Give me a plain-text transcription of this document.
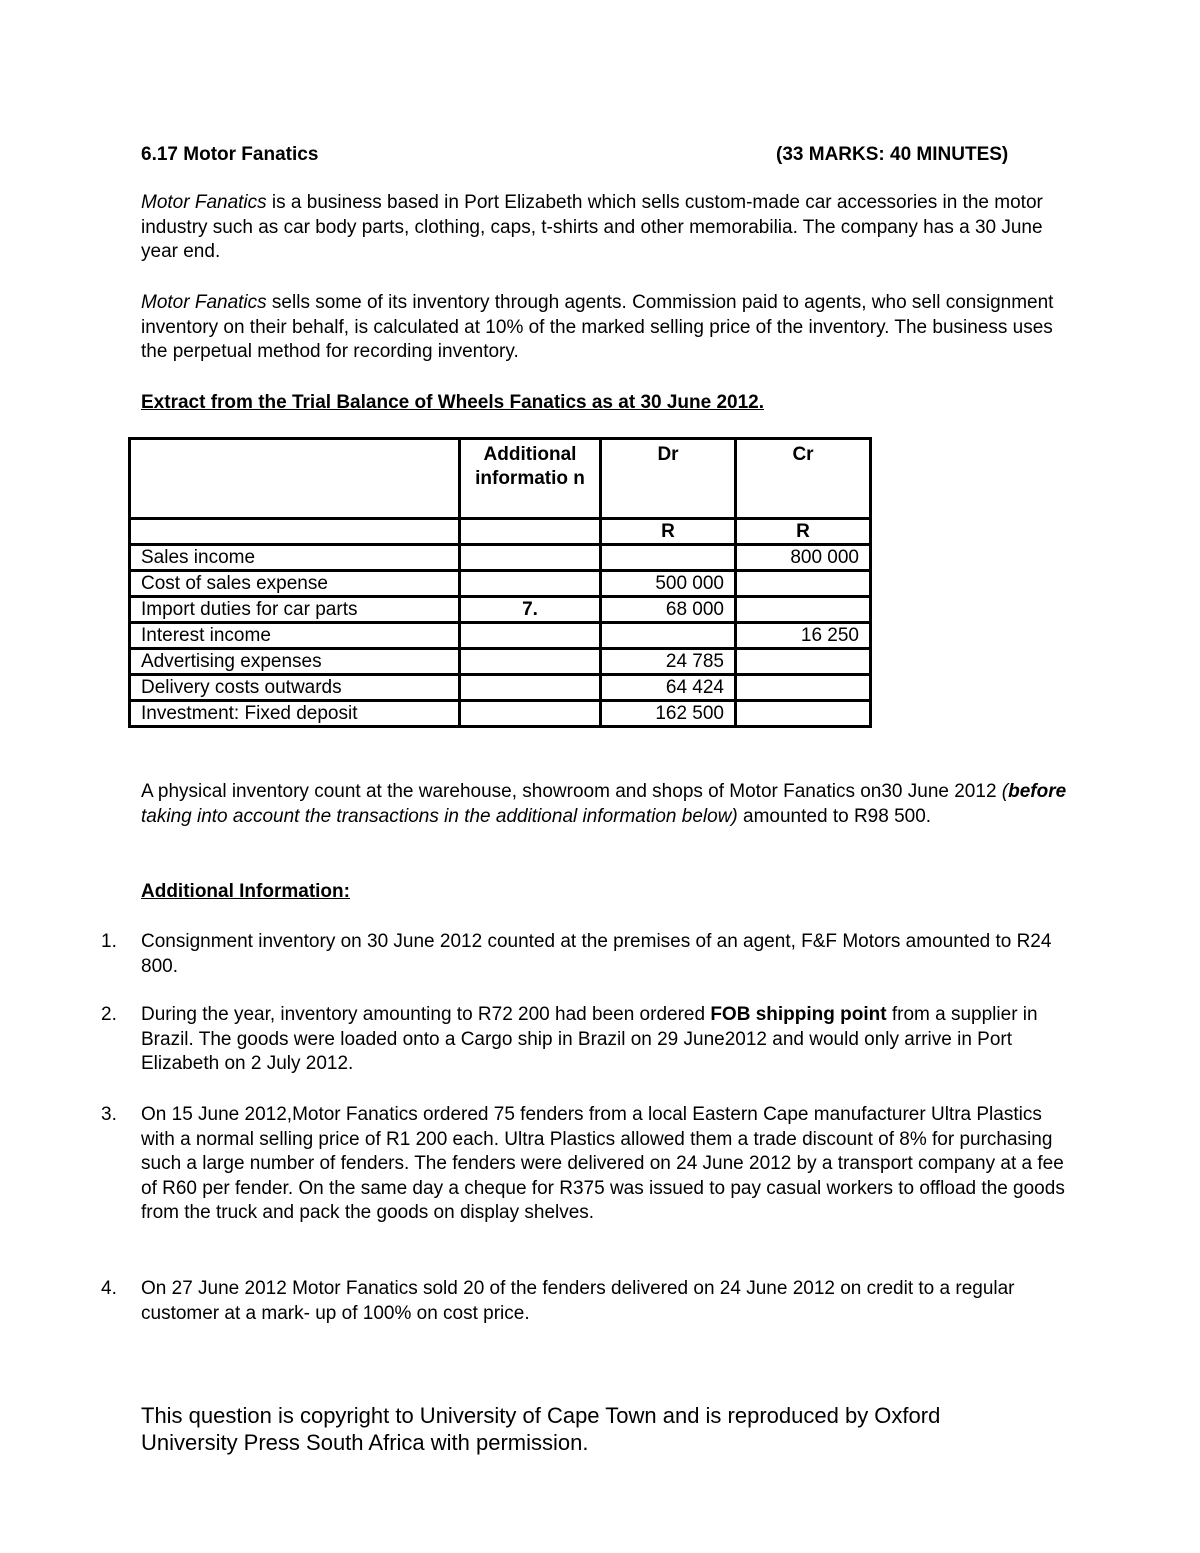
6.17 Motor Fanatics	(33 MARKS: 40 MINUTES)
Motor Fanatics is a business based in Port Elizabeth which sells custom-made car accessories in the motor industry such as car body parts, clothing, caps, t-shirts and other memorabilia. The company has a 30 June year end.
Motor Fanatics sells some of its inventory through agents. Commission paid to agents, who sell consignment inventory on their behalf, is calculated at 10% of the marked selling price of the inventory. The business uses the perpetual method for recording inventory.
Extract from the Trial Balance of Wheels Fanatics as at 30 June 2012.
	Additional informatio n	Dr	Cr
		R	R
Sales income			800 000
Cost of sales expense		500 000	
Import duties for car parts	7.	68 000	
Interest income			16 250
Advertising expenses		24 785	
Delivery costs outwards		64 424	
Investment: Fixed deposit		162 500	
A physical inventory count at the warehouse, showroom and shops of Motor Fanatics on30 June 2012 (before taking into account the transactions in the additional information below) amounted to R98 500.
Additional Information:
1. Consignment inventory on 30 June 2012 counted at the premises of an agent, F&F Motors amounted to R24 800.
2. During the year, inventory amounting to R72 200 had been ordered FOB shipping point from a supplier in Brazil. The goods were loaded onto a Cargo ship in Brazil on 29 June2012 and would only arrive in Port Elizabeth on 2 July 2012.
3. On 15 June 2012,Motor Fanatics ordered 75 fenders from a local Eastern Cape manufacturer Ultra Plastics with a normal selling price of R1 200 each. Ultra Plastics allowed them a trade discount of 8% for purchasing such a large number of fenders. The fenders were delivered on 24 June 2012 by a transport company at a fee of R60 per fender. On the same day a cheque for R375 was issued to pay casual workers to offload the goods from the truck and pack the goods on display shelves.
4. On 27 June 2012 Motor Fanatics sold 20 of the fenders delivered on 24 June 2012 on credit to a regular customer at a mark- up of 100% on cost price.
This question is copyright to University of Cape Town and is reproduced by Oxford University Press South Africa with permission.
